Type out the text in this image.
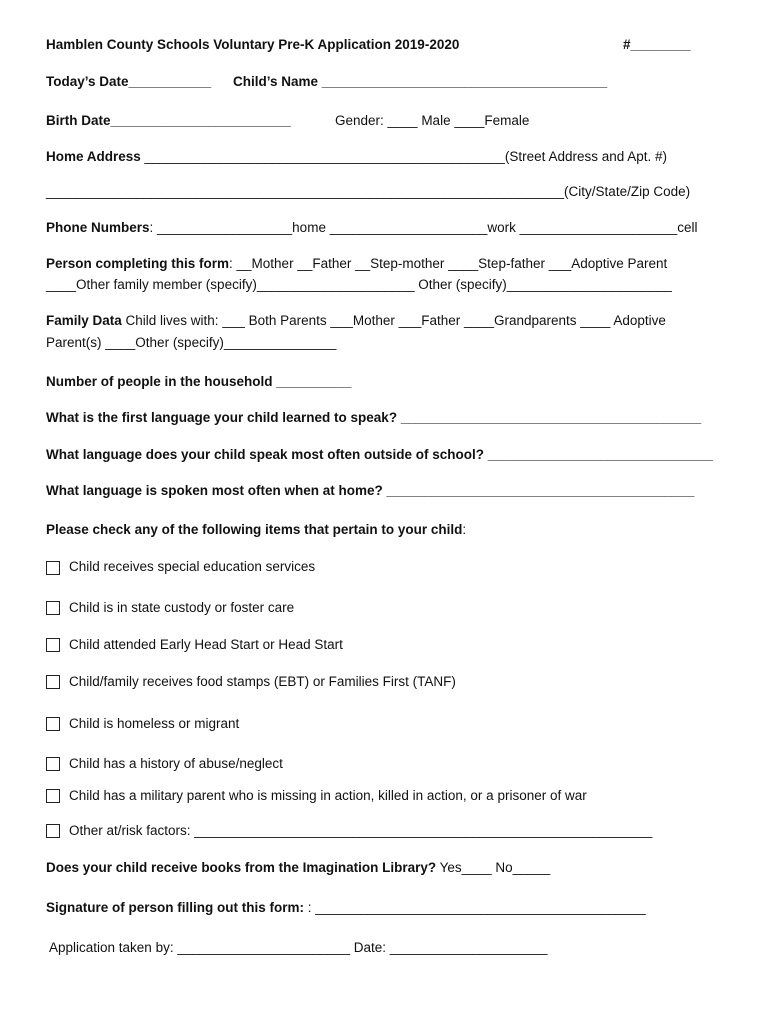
Hamblen County Schools Voluntary Pre-K Application 2019-2020	#________
Today’s Date___________ Child’s Name ______________________________________
Birth Date________________________	Gender: ____ Male ____Female
Home Address ________________________________________________(Street Address and Apt. #)
_____________________________________________________________________(City/State/Zip Code)
Phone Numbers: __________________home _____________________work _____________________cell
Person completing this form: __Mother __Father __Step-mother ____Step-father ___Adoptive Parent
____Other family member (specify)_____________________ Other (specify)______________________
Family Data Child lives with: ___ Both Parents ___Mother ___Father ____Grandparents ____ Adoptive
Parent(s) ____Other (specify)_______________
Number of people in the household __________
What is the first language your child learned to speak? ________________________________________
What language does your child speak most often outside of school? ______________________________
What language is spoken most often when at home? _________________________________________
Please check any of the following items that pertain to your child:
Child receives special education services
Child is in state custody or foster care
Child attended Early Head Start or Head Start
Child/family receives food stamps (EBT) or Families First (TANF)
Child is homeless or migrant
Child has a history of abuse/neglect
Child has a military parent who is missing in action, killed in action, or a prisoner of war
Other at/risk factors: _____________________________________________________________
Does your child receive books from the Imagination Library? Yes____ No_____
Signature of person filling out this form: : ____________________________________________
Application taken by: _______________________ Date: _____________________
